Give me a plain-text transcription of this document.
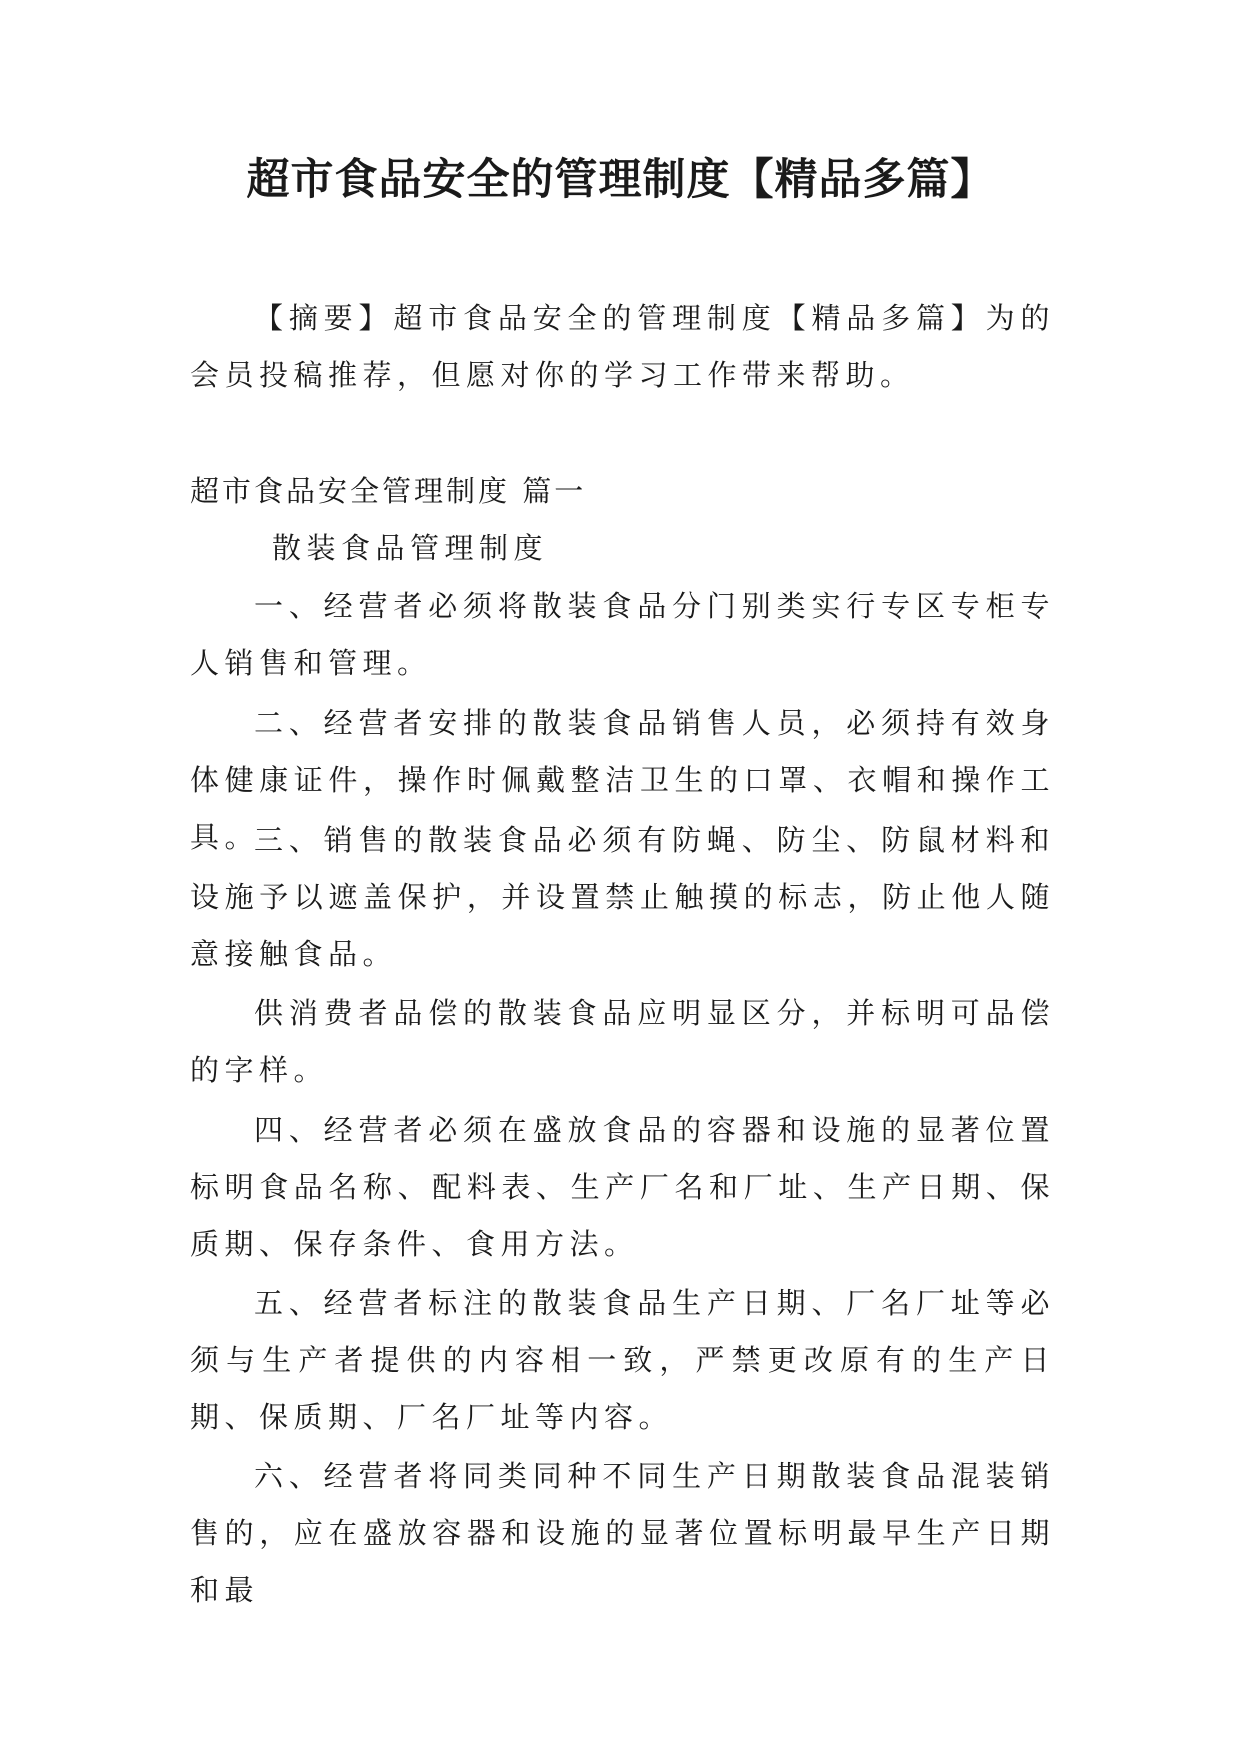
超市食品安全的管理制度【精品多篇】

【摘要】超市食品安全的管理制度【精品多篇】为的会员投稿推荐，但愿对你的学习工作带来帮助。

超市食品安全管理制度 篇一

散装食品管理制度

一、经营者必须将散装食品分门别类实行专区专柜专人销售和管理。

二、经营者安排的散装食品销售人员，必须持有效身体健康证件，操作时佩戴整洁卫生的口罩、衣帽和操作工具。

三、销售的散装食品必须有防蝇、防尘、防鼠材料和设施予以遮盖保护，并设置禁止触摸的标志，防止他人随意接触食品。

供消费者品偿的散装食品应明显区分，并标明可品偿的字样。

四、经营者必须在盛放食品的容器和设施的显著位置标明食品名称、配料表、生产厂名和厂址、生产日期、保质期、保存条件、食用方法。

五、经营者标注的散装食品生产日期、厂名厂址等必须与生产者提供的内容相一致，严禁更改原有的生产日期、保质期、厂名厂址等内容。

六、经营者将同类同种不同生产日期散装食品混装销售的，应在盛放容器和设施的显著位置标明最早生产日期和最
